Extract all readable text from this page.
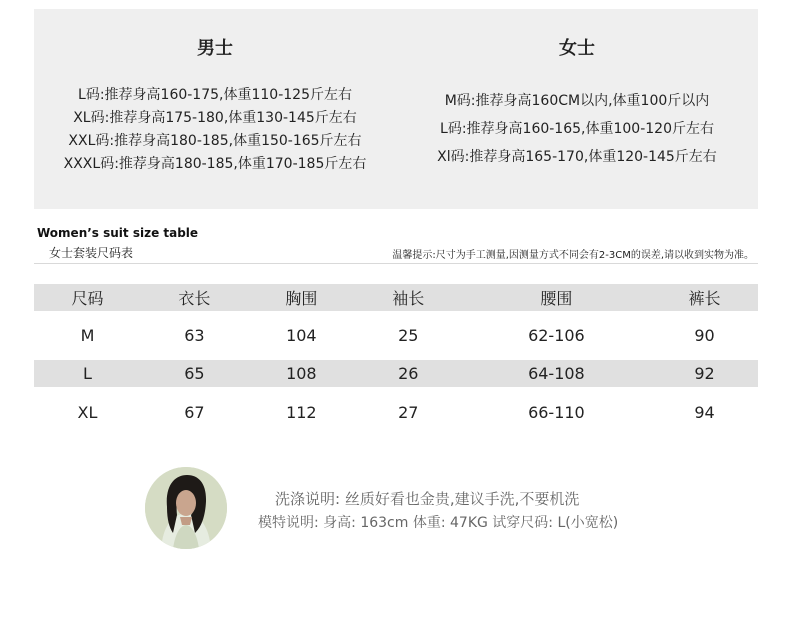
男士
L码:推荐身高160-175,体重110-125斤左右
XL码:推荐身高175-180,体重130-145斤左右
XXL码:推荐身高180-185,体重150-165斤左右
XXXL码:推荐身高180-185,体重170-185斤左右
女士
M码:推荐身高160CM以内,体重100斤以内
L码:推荐身高160-165,体重100-120斤左右
Xl码:推荐身高165-170,体重120-145斤左右
Women’s suit size table
女士套装尺码表	温馨提示:尺寸为手工测量,因测量方式不同会有2-3CM的误差,请以收到实物为准。
尺码	衣长	胸围	袖长	腰围	裤长
M	63	104	25	62-106	90
L	65	108	26	64-108	92
XL	67	112	27	66-110	94
洗涤说明: 丝质好看也金贵,建议手洗,不要机洗
模特说明: 身高: 163cm 体重: 47KG 试穿尺码: L(小宽松)
